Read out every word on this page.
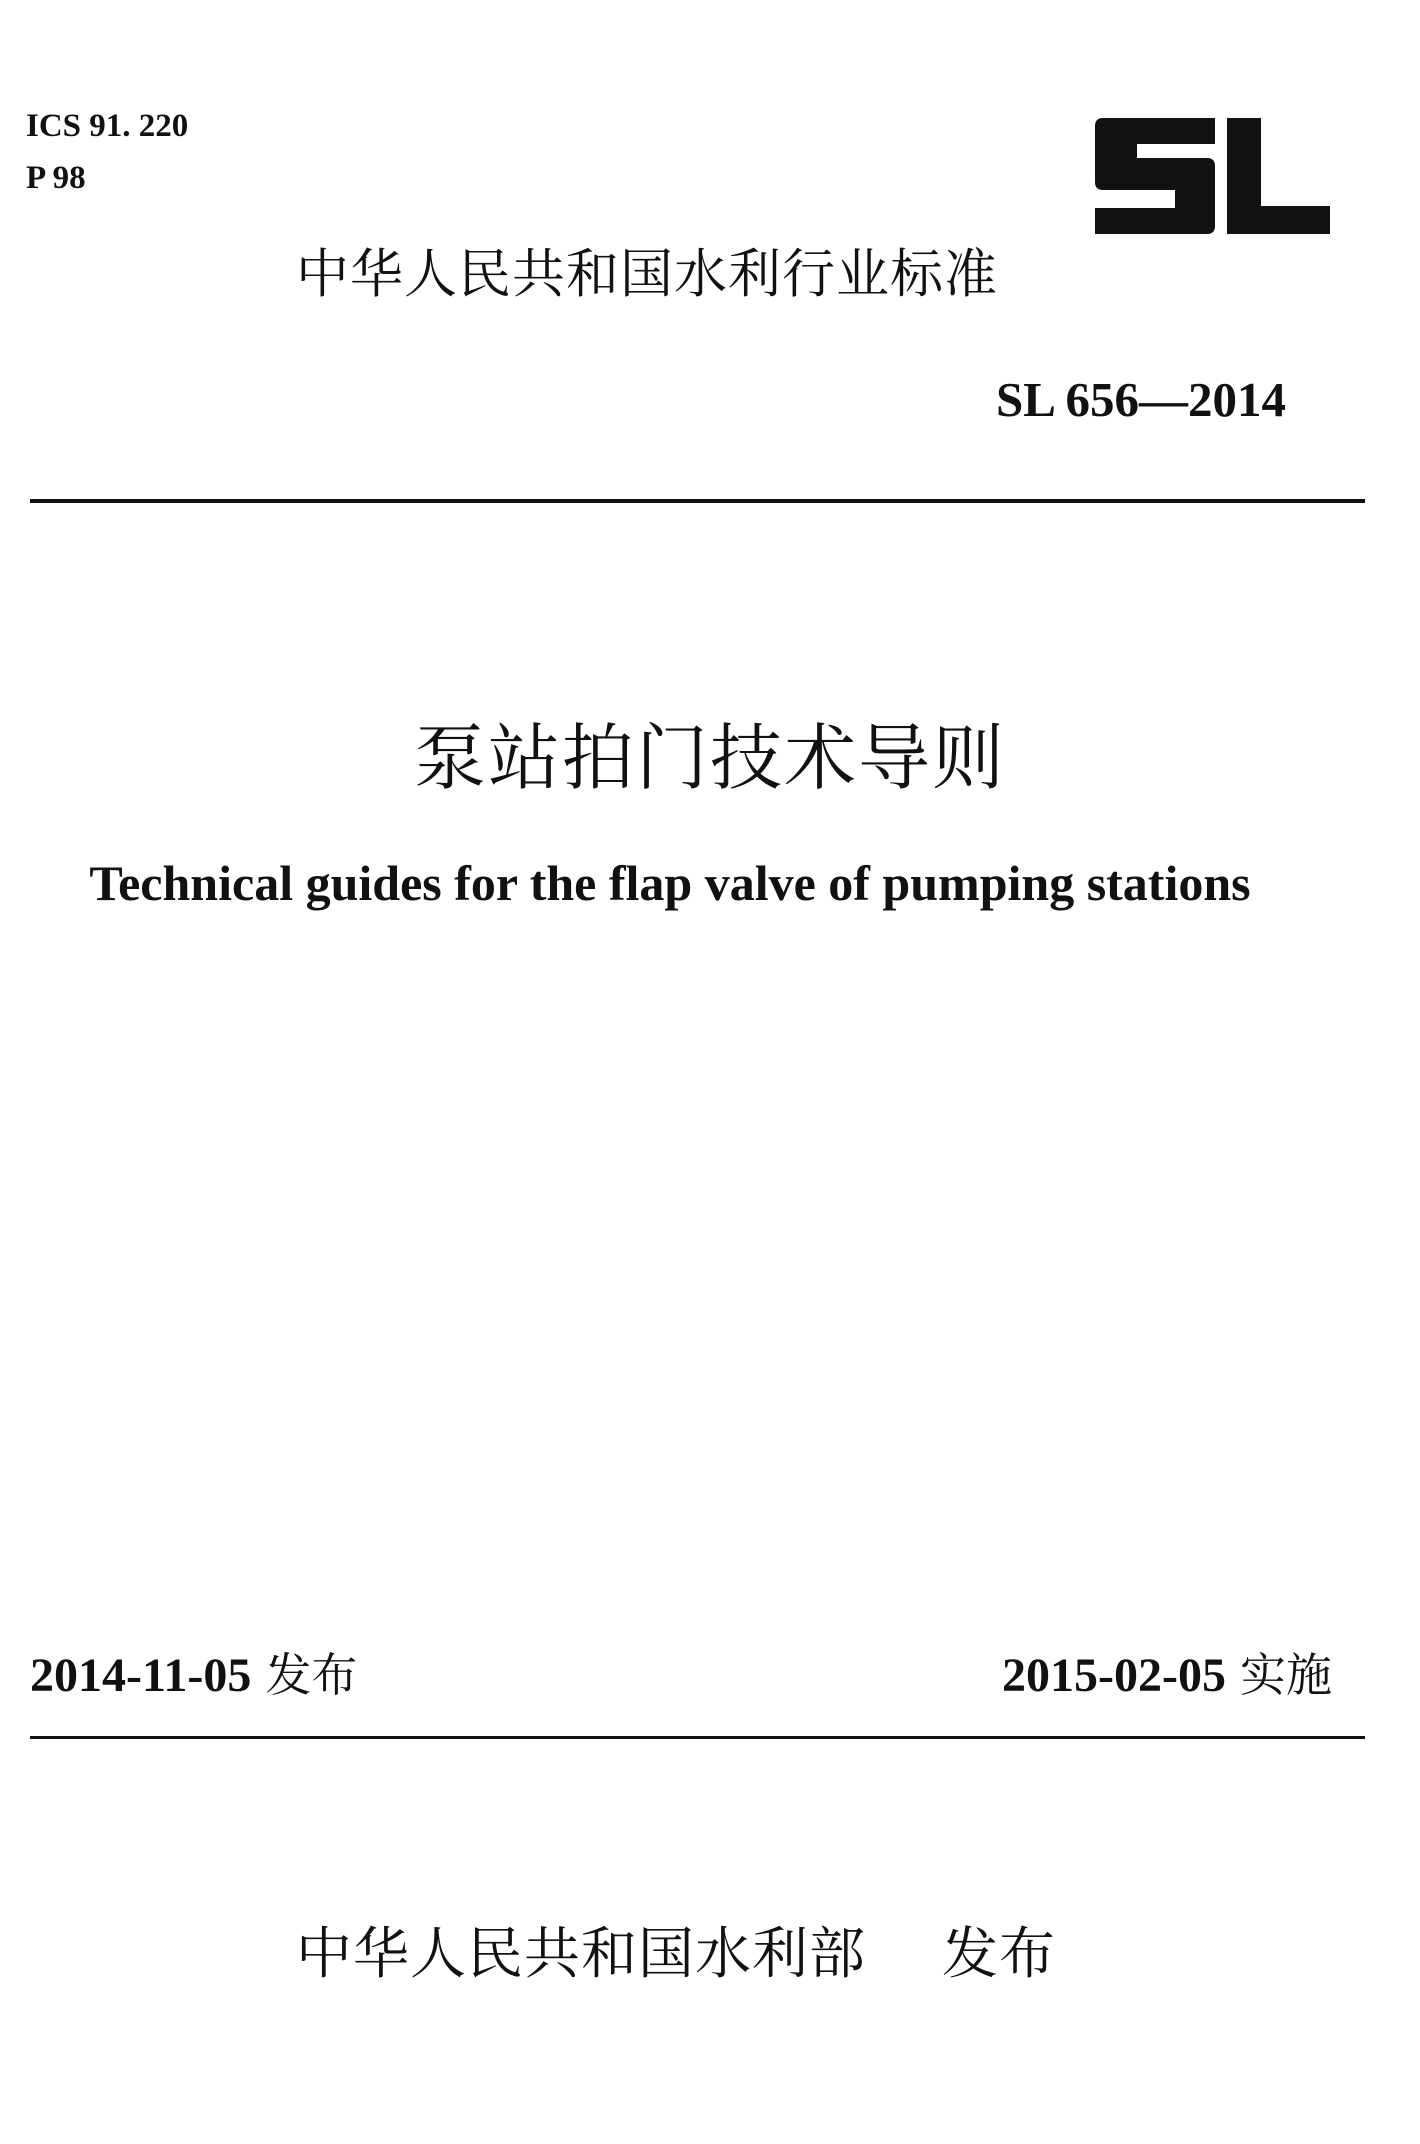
ICS 91. 220
P 98
中华人民共和国水利行业标准
SL 656—2014
泵站拍门技术导则
Technical guides for the flap valve of pumping stations
2014-11-05 发布	2015-02-05 实施
中华人民共和国水利部 发布
